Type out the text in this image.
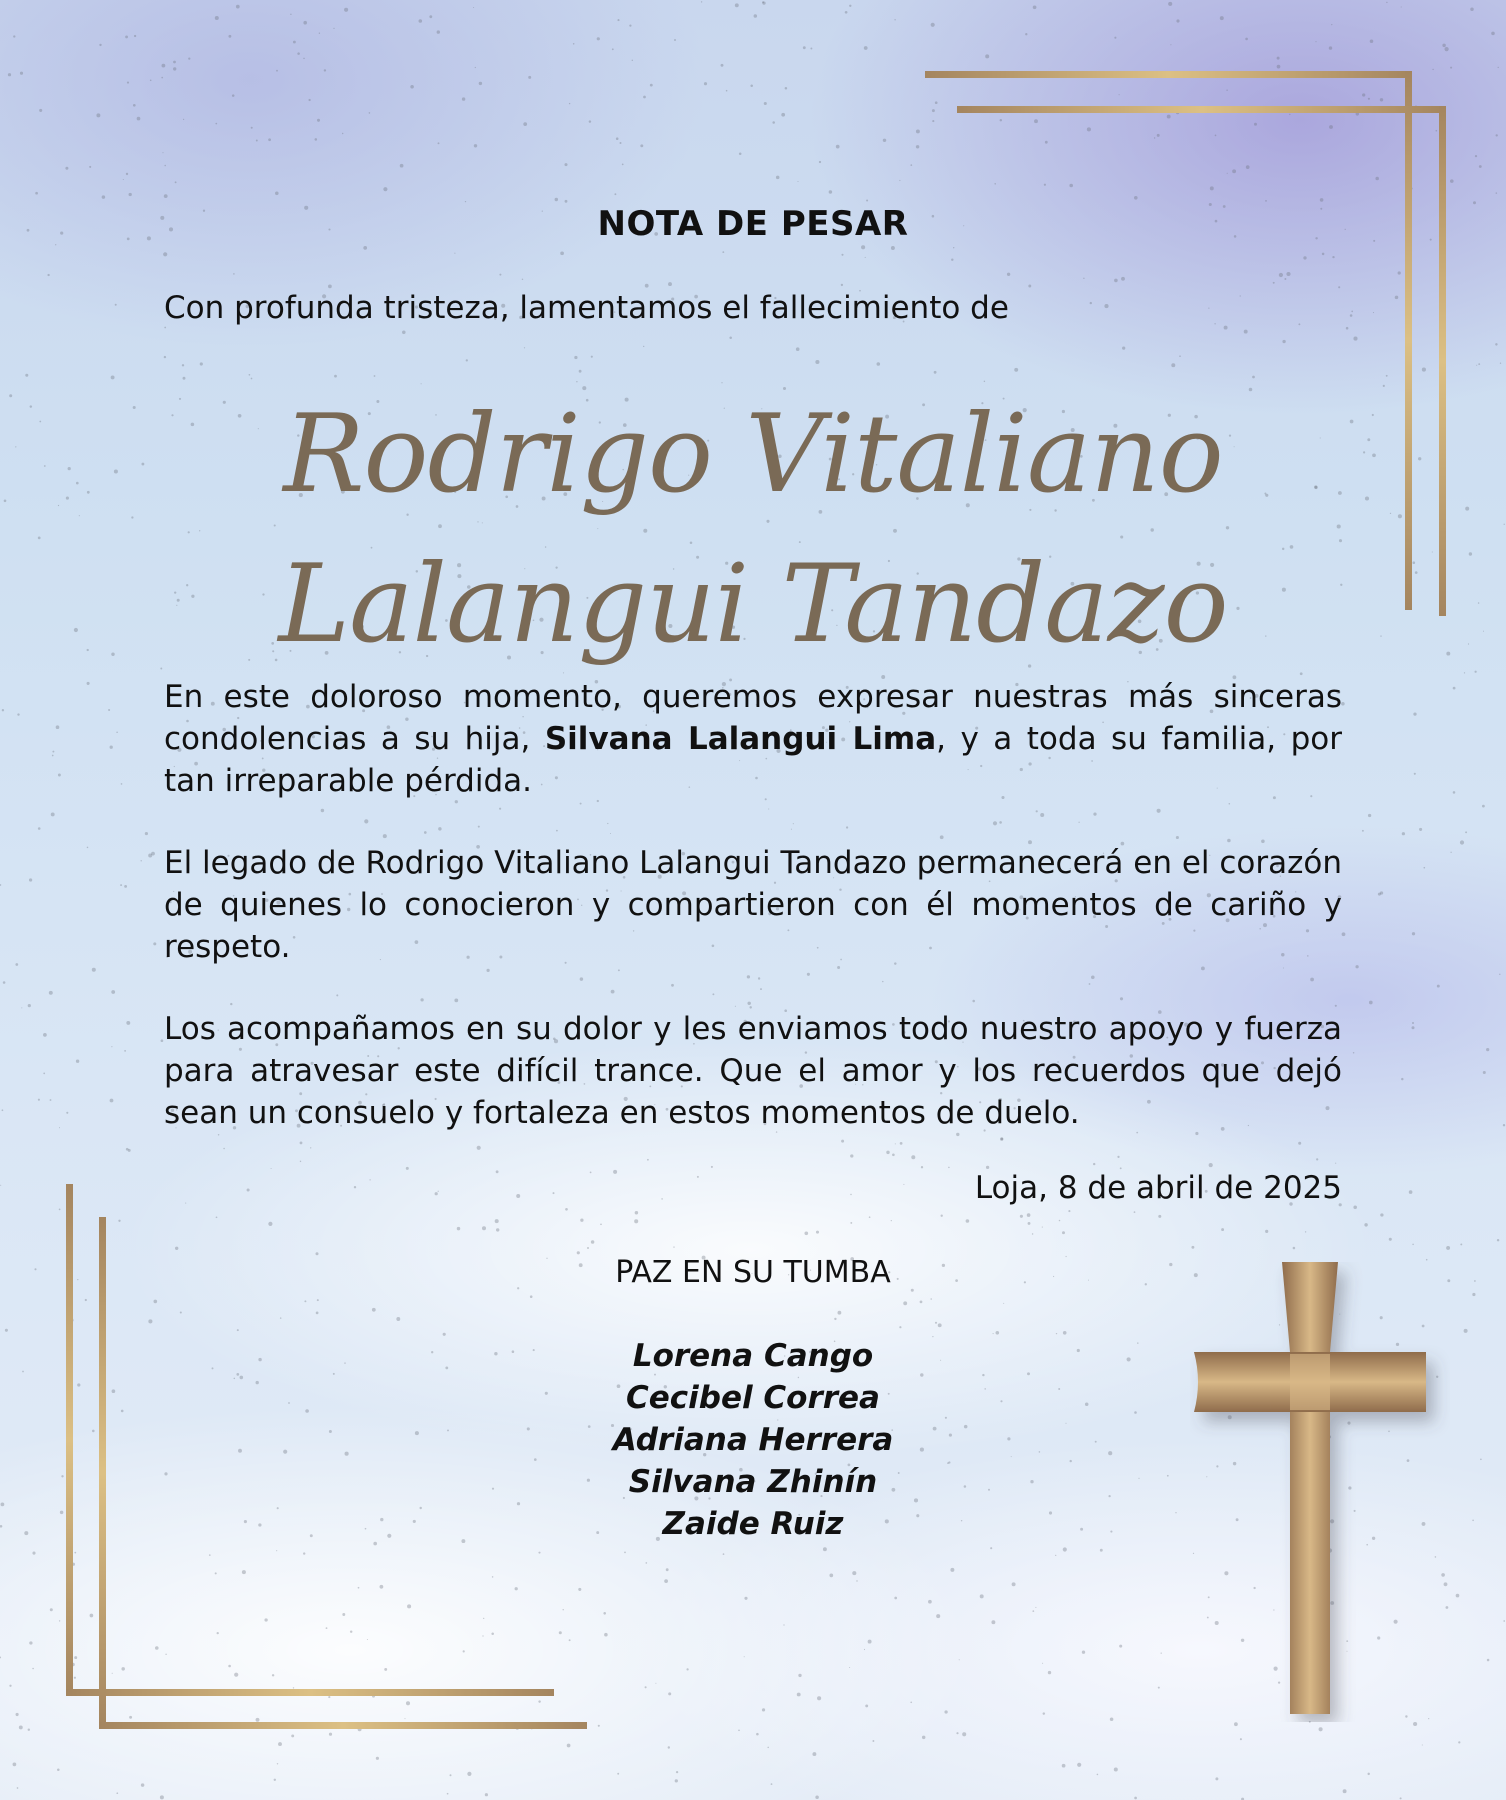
NOTA DE PESAR
Con profunda tristeza, lamentamos el fallecimiento de
Rodrigo Vitaliano
Lalangui Tandazo

En este doloroso momento, queremos expresar nuestras más sinceras condolencias a su hija, Silvana Lalangui Lima, y a toda su familia, por tan irreparable pérdida.

El legado de Rodrigo Vitaliano Lalangui Tandazo permanecerá en el corazón de quienes lo conocieron y compartieron con él momentos de cariño y respeto.

Los acompañamos en su dolor y les enviamos todo nuestro apoyo y fuerza para atravesar este difícil trance. Que el amor y los recuerdos que dejó sean un consuelo y fortaleza en estos momentos de duelo.

Loja, 8 de abril de 2025
PAZ EN SU TUMBA
Lorena Cango
Cecibel Correa
Adriana Herrera
Silvana Zhinín
Zaide Ruiz
